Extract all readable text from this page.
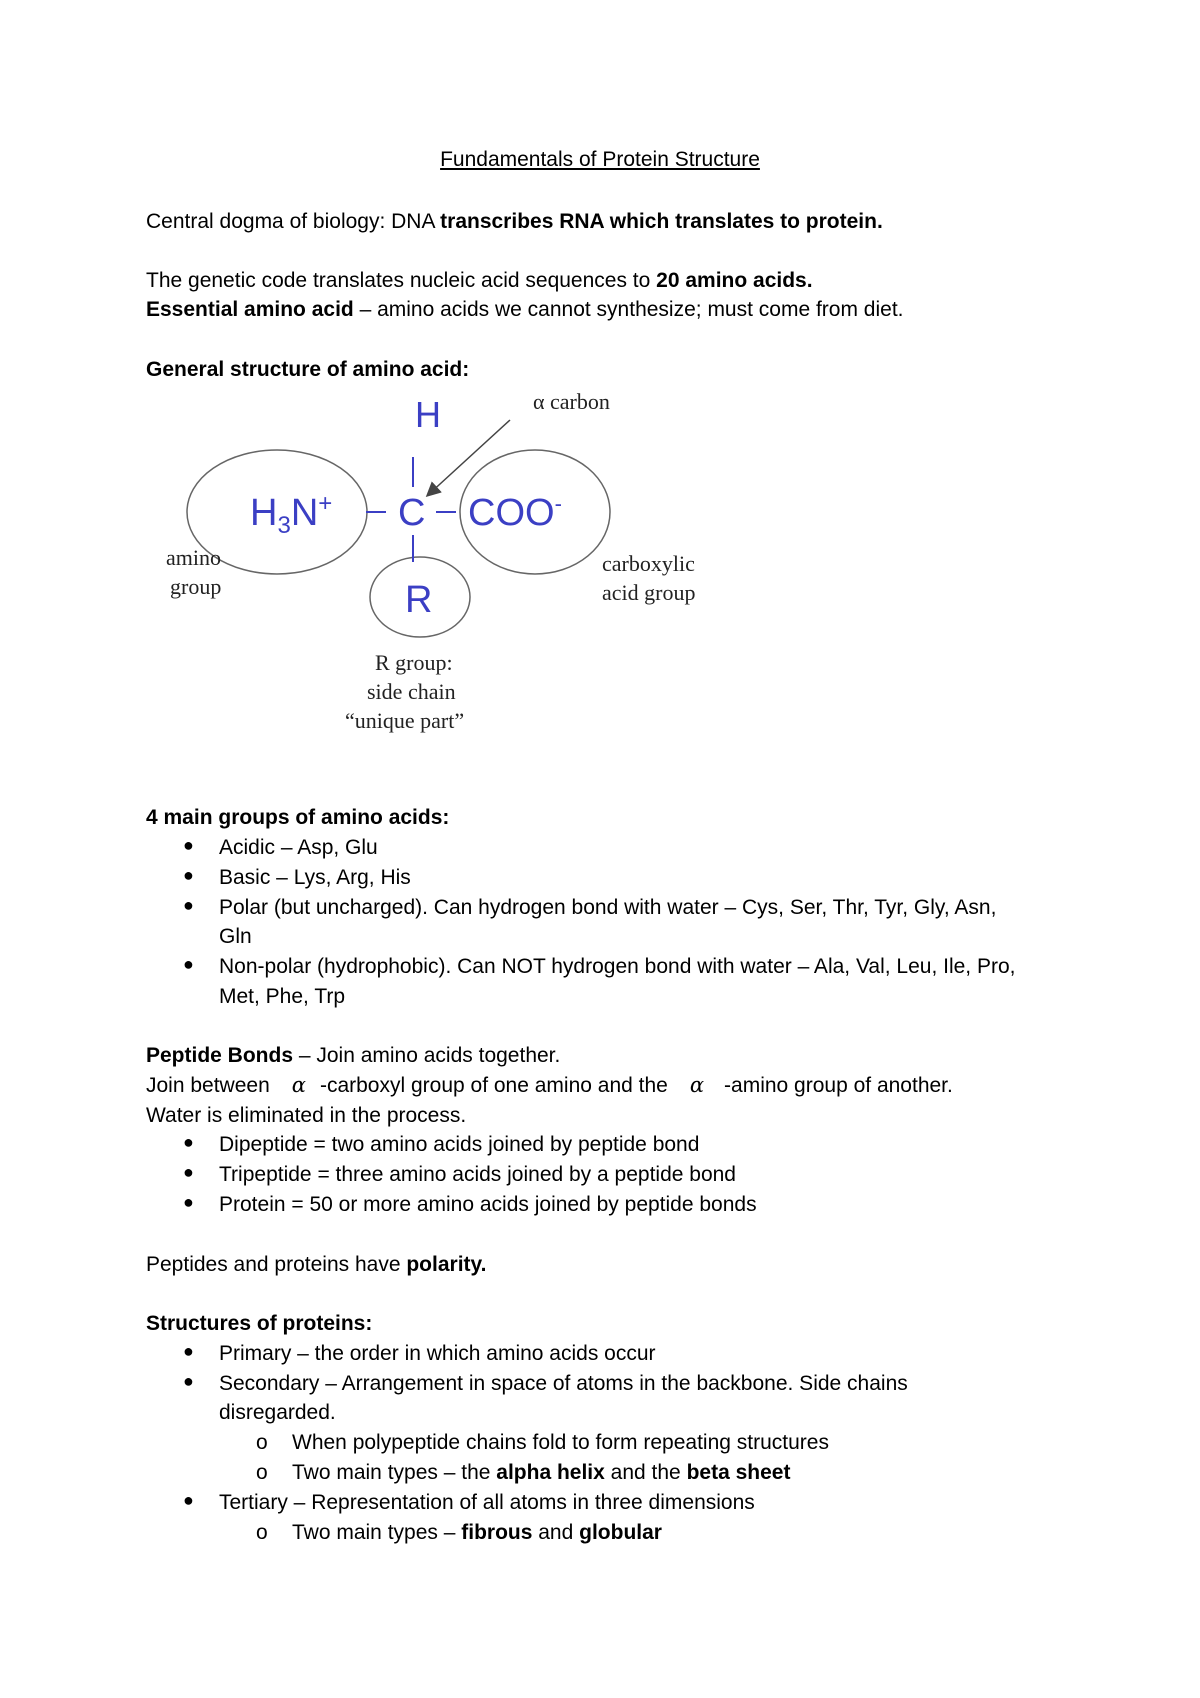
Fundamentals of Protein Structure
Central dogma of biology: DNA transcribes RNA which translates to protein.
The genetic code translates nucleic acid sequences to 20 amino acids.
Essential amino acid – amino acids we cannot synthesize; must come from diet.
General structure of amino acid:
H
$H_3N^+$ C COO-
R
α carbon
amino
group
carboxylic
acid group
R group:
side chain
“unique part”
4 main groups of amino acids:
● Acidic – Asp, Glu
● Basic – Lys, Arg, His
● Polar (but uncharged). Can hydrogen bond with water – Cys, Ser, Thr, Tyr, Gly, Asn,
Gln
● Non-polar (hydrophobic). Can NOT hydrogen bond with water – Ala, Val, Leu, Ile, Pro,
Met, Phe, Trp
Peptide Bonds – Join amino acids together.
Join between α -carboxyl group of one amino and the α -amino group of another.
Water is eliminated in the process.
● Dipeptide = two amino acids joined by peptide bond
● Tripeptide = three amino acids joined by a peptide bond
● Protein = 50 or more amino acids joined by peptide bonds
Peptides and proteins have polarity.
Structures of proteins:
● Primary – the order in which amino acids occur
● Secondary – Arrangement in space of atoms in the backbone. Side chains
disregarded.
o When polypeptide chains fold to form repeating structures
o Two main types – the alpha helix and the beta sheet
● Tertiary – Representation of all atoms in three dimensions
o Two main types – fibrous and globular
